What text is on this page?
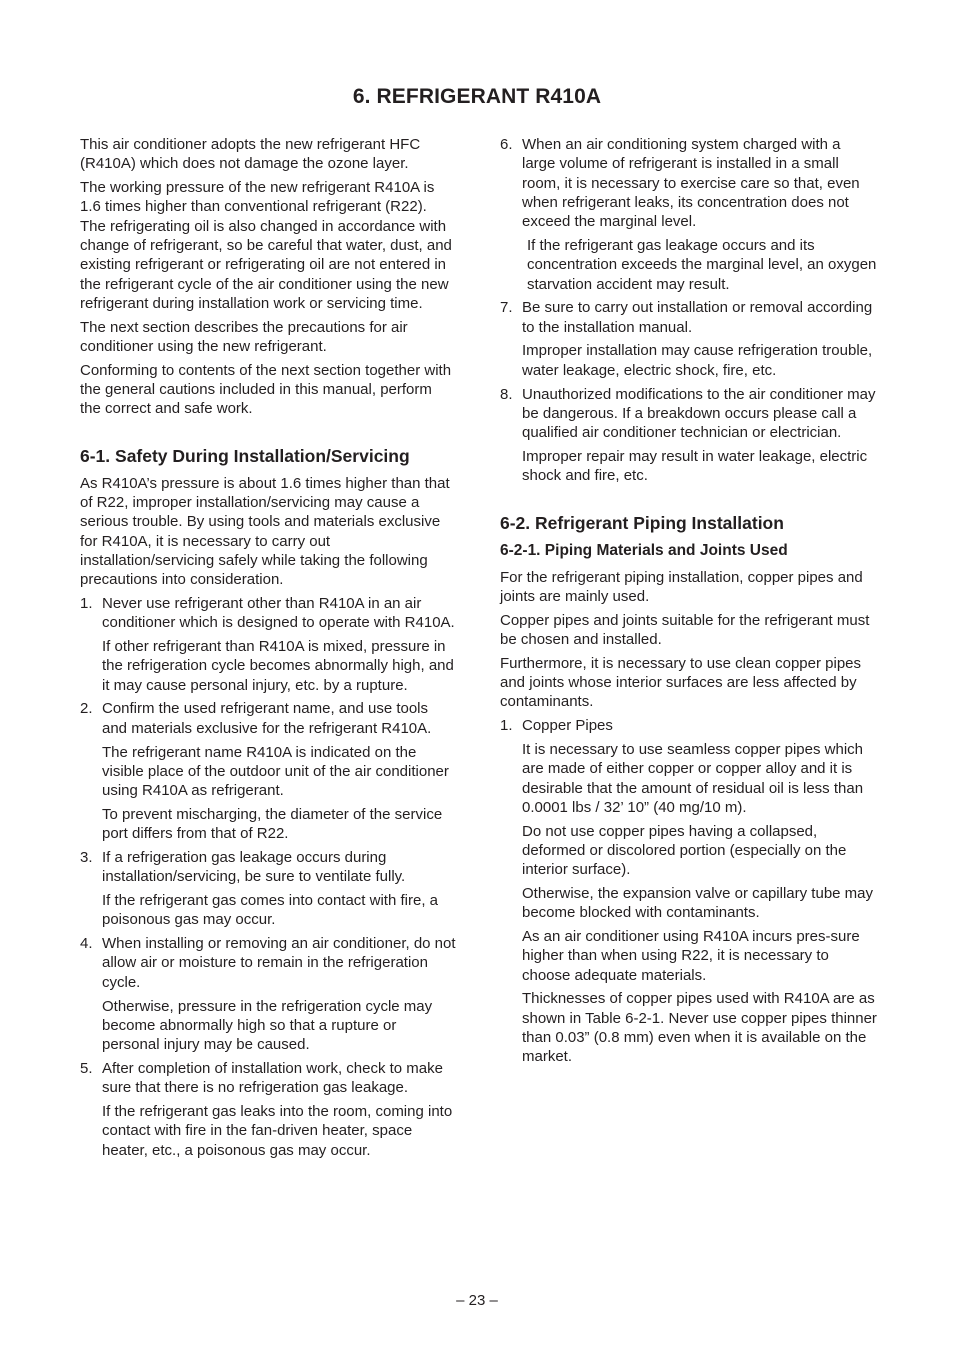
6. REFRIGERANT R410A

This air conditioner adopts the new refrigerant HFC (R410A) which does not damage the ozone layer.

The working pressure of the new refrigerant R410A is 1.6 times higher than conventional refrigerant (R22). The refrigerating oil is also changed in accordance with change of refrigerant, so be careful that water, dust, and existing refrigerant or refrigerating oil are not entered in the refrigerant cycle of the air conditioner using the new refrigerant during installation work or servicing time.

The next section describes the precautions for air conditioner using the new refrigerant.

Conforming to contents of the next section together with the general cautions included in this manual, perform the correct and safe work.

6-1. Safety During Installation/Servicing

As R410A’s pressure is about 1.6 times higher than that of R22, improper installation/servicing may cause a serious trouble. By using tools and materials exclusive for R410A, it is necessary to carry out installation/servicing safely while taking the following precautions into consideration.

1. Never use refrigerant other than R410A in an air conditioner which is designed to operate with R410A.

If other refrigerant than R410A is mixed, pressure in the refrigeration cycle becomes abnormally high, and it may cause personal injury, etc. by a rupture.

2. Confirm the used refrigerant name, and use tools and materials exclusive for the refrigerant R410A.

The refrigerant name R410A is indicated on the visible place of the outdoor unit of the air conditioner using R410A as refrigerant.

To prevent mischarging, the diameter of the service port differs from that of R22.

3. If a refrigeration gas leakage occurs during installation/servicing, be sure to ventilate fully.

If the refrigerant gas comes into contact with fire, a poisonous gas may occur.

4. When installing or removing an air conditioner, do not allow air or moisture to remain in the refrigeration cycle.

Otherwise, pressure in the refrigeration cycle may become abnormally high so that a rupture or personal injury may be caused.

5. After completion of installation work, check to make sure that there is no refrigeration gas leakage.

If the refrigerant gas leaks into the room, coming into contact with fire in the fan-driven heater, space heater, etc., a poisonous gas may occur.

6. When an air conditioning system charged with a large volume of refrigerant is installed in a small room, it is necessary to exercise care so that, even when refrigerant leaks, its concentration does not exceed the marginal level.

If the refrigerant gas leakage occurs and its concentration exceeds the marginal level, an oxygen starvation accident may result.

7. Be sure to carry out installation or removal according to the installation manual.

Improper installation may cause refrigeration trouble, water leakage, electric shock, fire, etc.

8. Unauthorized modifications to the air conditioner may be dangerous. If a breakdown occurs please call a qualified air conditioner technician or electrician.

Improper repair may result in water leakage, electric shock and fire, etc.

6-2. Refrigerant Piping Installation
6-2-1. Piping Materials and Joints Used

For the refrigerant piping installation, copper pipes and joints are mainly used.

Copper pipes and joints suitable for the refrigerant must be chosen and installed.

Furthermore, it is necessary to use clean copper pipes and joints whose interior surfaces are less affected by contaminants.

1. Copper Pipes

It is necessary to use seamless copper pipes which are made of either copper or copper alloy and it is desirable that the amount of residual oil is less than 0.0001 lbs / 32’ 10” (40 mg/10 m).

Do not use copper pipes having a collapsed, deformed or discolored portion (especially on the interior surface).

Otherwise, the expansion valve or capillary tube may become blocked with contaminants.

As an air conditioner using R410A incurs pres-sure higher than when using R22, it is necessary to choose adequate materials.

Thicknesses of copper pipes used with R410A are as shown in Table 6-2-1. Never use copper pipes thinner than 0.03” (0.8 mm) even when it is available on the market.

– 23 –
